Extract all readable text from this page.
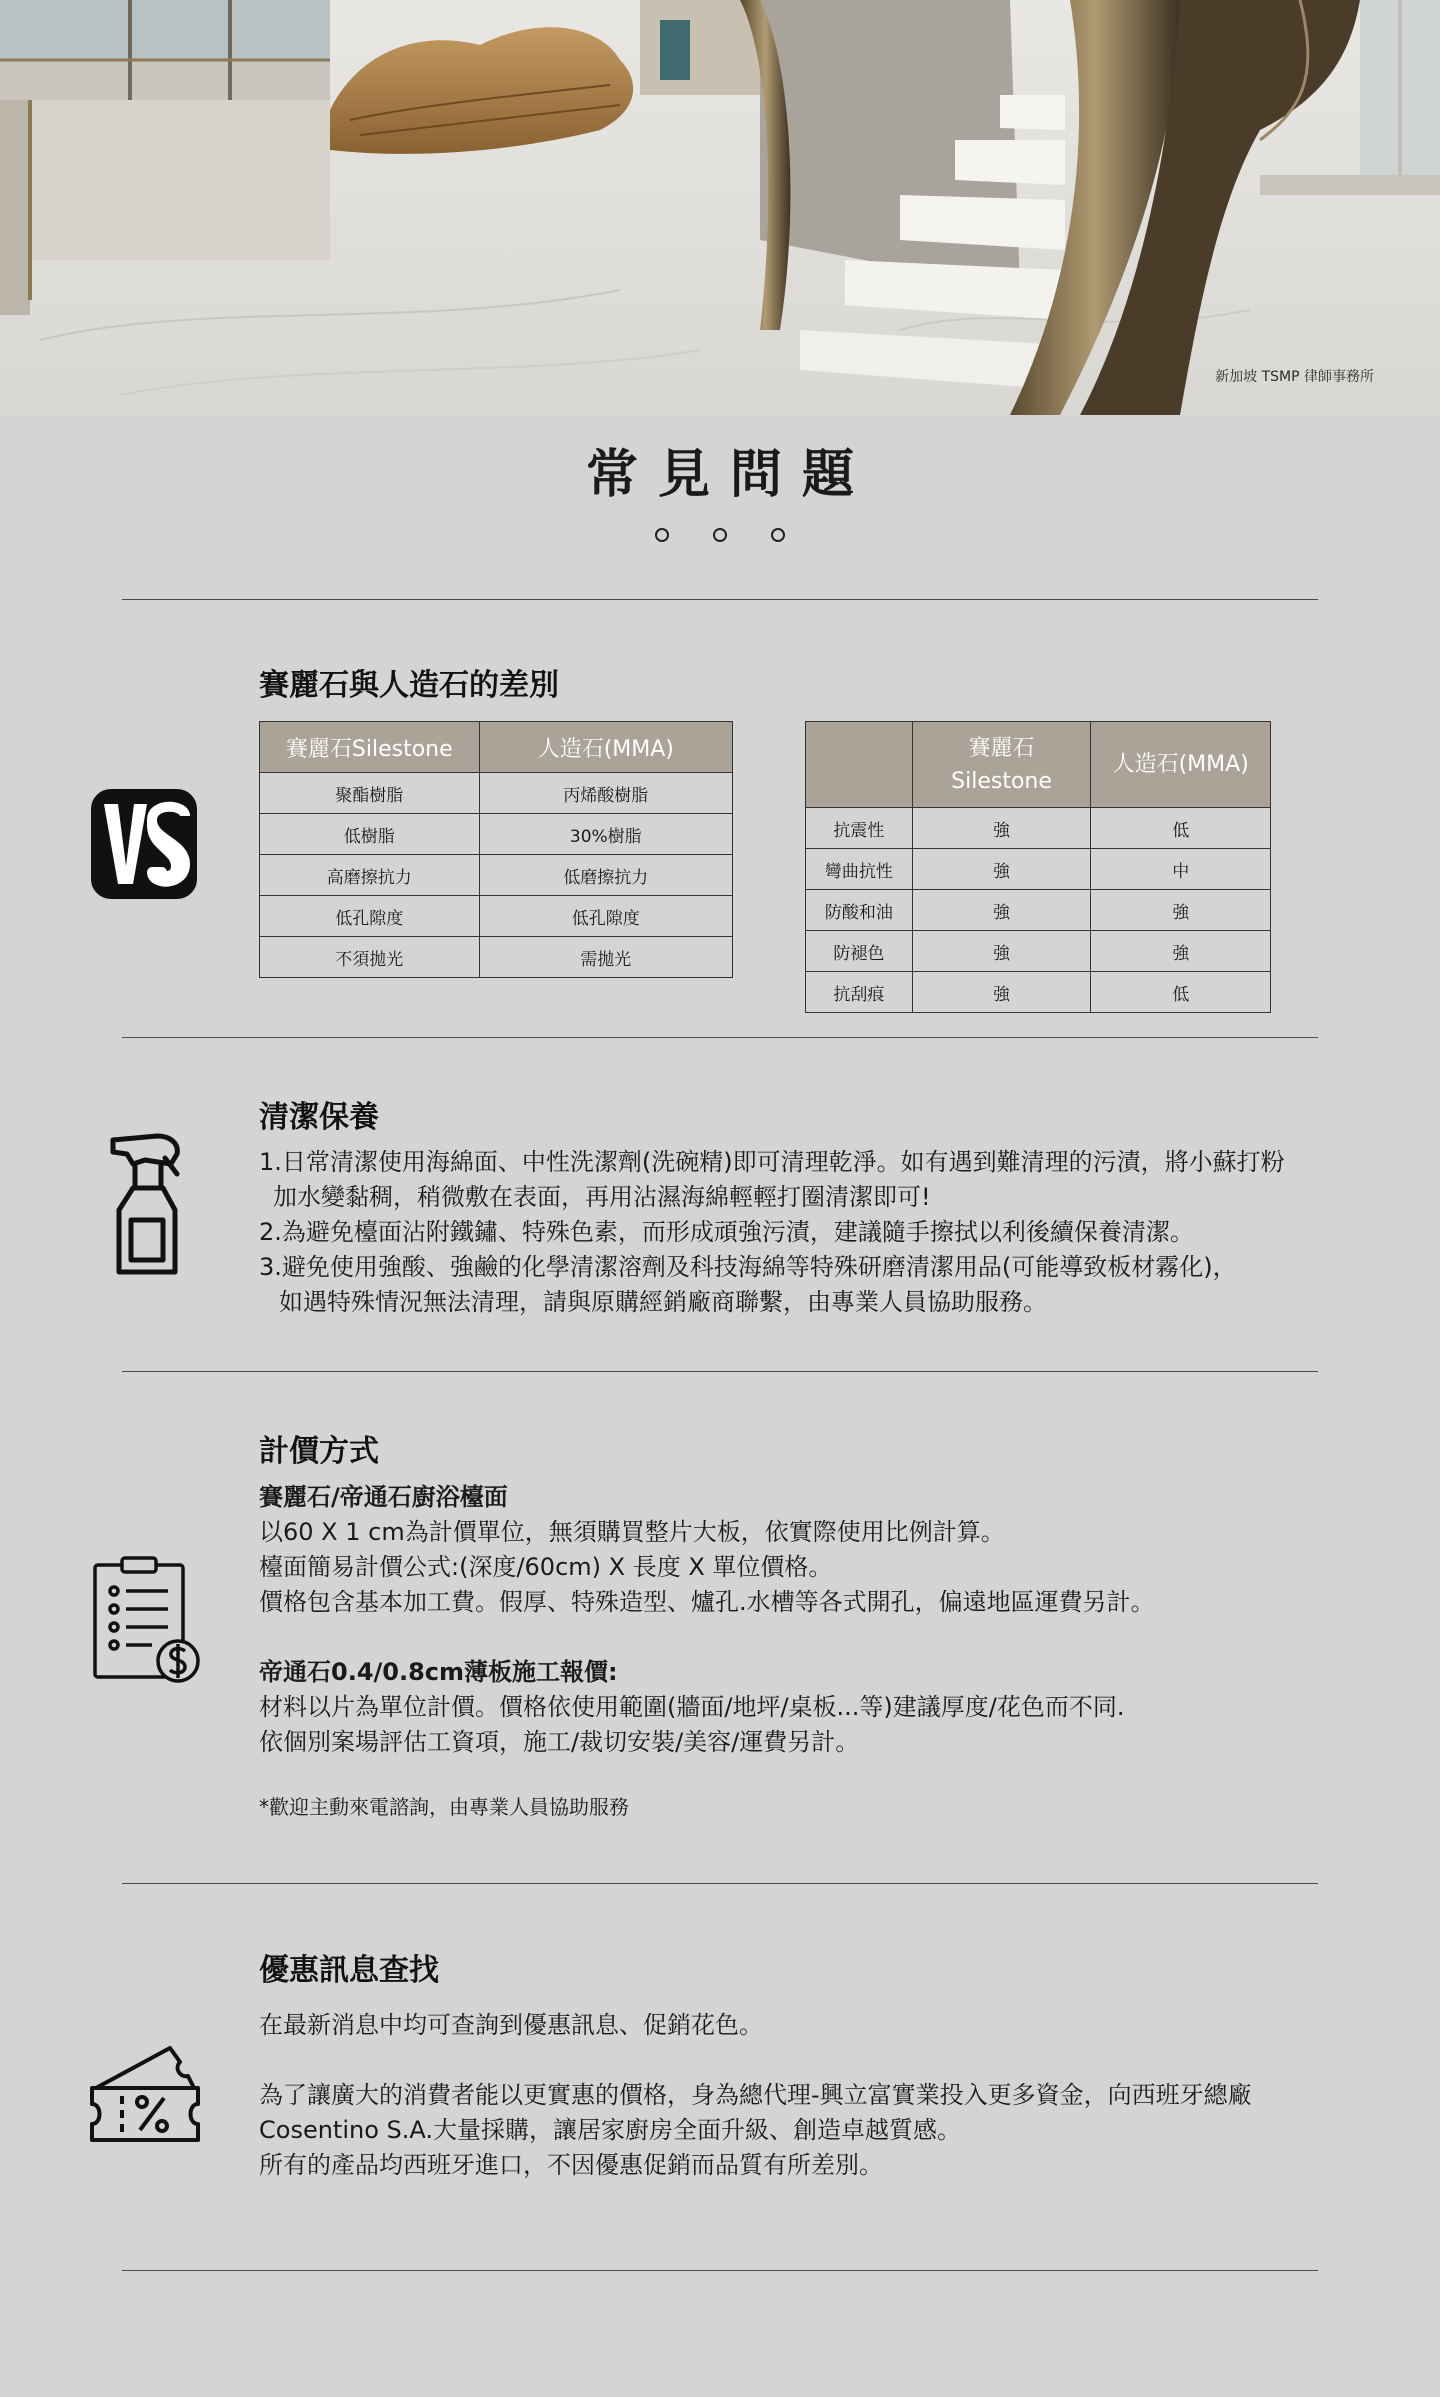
新加坡 TSMP 律師事務所
常見問題
賽麗石與人造石的差別
賽麗石Silestone	人造石(MMA)
聚酯樹脂	丙烯酸樹脂
低樹脂	30%樹脂
高磨擦抗力	低磨擦抗力
低孔隙度	低孔隙度
不須拋光	需拋光
	賽麗石
Silestone	人造石(MMA)
抗震性	強	低
彎曲抗性	強	中
防酸和油	強	強
防褪色	強	強
抗刮痕	強	低
清潔保養

1.日常清潔使用海綿面、中性洗潔劑(洗碗精)即可清理乾淨。如有遇到難清理的污漬，將小蘇打粉

加水變黏稠，稍微敷在表面，再用沾濕海綿輕輕打圈清潔即可!

2.為避免檯面沾附鐵鏽、特殊色素，而形成頑強污漬，建議隨手擦拭以利後續保養清潔。

3.避免使用強酸、強鹼的化學清潔溶劑及科技海綿等特殊研磨清潔用品(可能導致板材霧化)，

如遇特殊情況無法清理，請與原購經銷廠商聯繫，由專業人員協助服務。

計價方式

賽麗石/帝通石廚浴檯面

以60 X 1 cm為計價單位，無須購買整片大板，依實際使用比例計算。

檯面簡易計價公式:(深度/60cm) X 長度 X 單位價格。

價格包含基本加工費。假厚、特殊造型、爐孔.水槽等各式開孔，偏遠地區運費另計。

帝通石0.4/0.8cm薄板施工報價:

材料以片為單位計價。價格依使用範圍(牆面/地坪/桌板...等)建議厚度/花色而不同.

依個別案場評估工資項，施工/裁切安裝/美容/運費另計。

*歡迎主動來電諮詢，由專業人員協助服務

優惠訊息查找

在最新消息中均可查詢到優惠訊息、促銷花色。

為了讓廣大的消費者能以更實惠的價格，身為總代理-興立富實業投入更多資金，向西班牙總廠

Cosentino S.A.大量採購，讓居家廚房全面升級、創造卓越質感。

所有的產品均西班牙進口，不因優惠促銷而品質有所差別。
